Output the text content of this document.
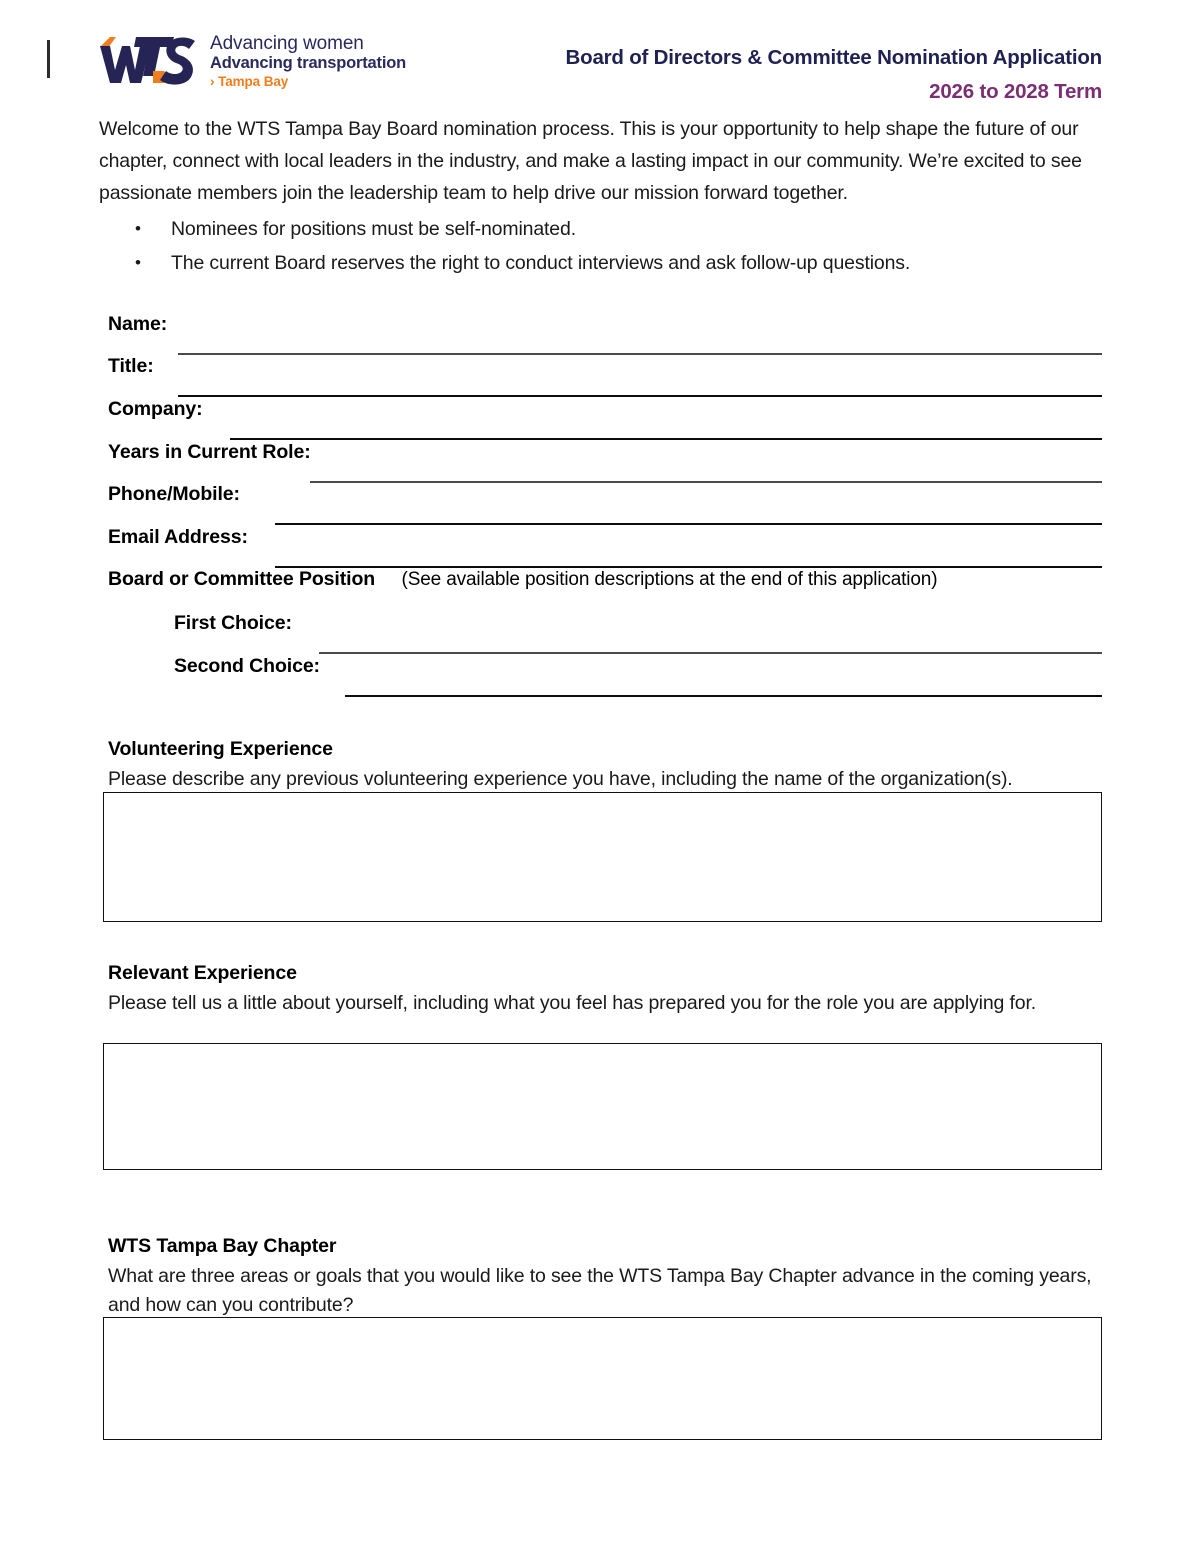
Advancing women
Advancing transportation
› Tampa Bay
Board of Directors & Committee Nomination Application
2026 to 2028 Term
Welcome to the WTS Tampa Bay Board nomination process. This is your opportunity to help shape the future of our chapter, connect with local leaders in the industry, and make a lasting impact in our community. We’re excited to see passionate members join the leadership team to help drive our mission forward together.
•	Nominees for positions must be self-nominated.
•	The current Board reserves the right to conduct interviews and ask follow-up questions.
Name:
Title:
Company:
Years in Current Role:
Phone/Mobile:
Email Address:
Board or Committee Position (See available position descriptions at the end of this application)
First Choice:
Second Choice:
Volunteering Experience
Please describe any previous volunteering experience you have, including the name of the organization(s).
Relevant Experience
Please tell us a little about yourself, including what you feel has prepared you for the role you are applying for.
WTS Tampa Bay Chapter
What are three areas or goals that you would like to see the WTS Tampa Bay Chapter advance in the coming years, and how can you contribute?
